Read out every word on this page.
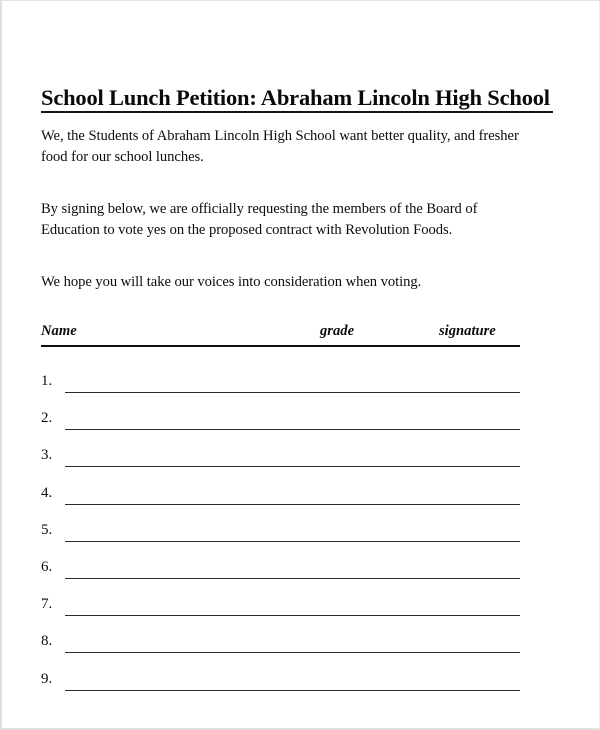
School Lunch Petition: Abraham Lincoln High School
We, the Students of Abraham Lincoln High School want better quality, and fresher food for our school lunches.
By signing below, we are officially requesting the members of the Board of Education to vote yes on the proposed contract with Revolution Foods.
We hope you will take our voices into consideration when voting.
Name	grade	signature
1.
2.
3.
4.
5.
6.
7.
8.
9.
